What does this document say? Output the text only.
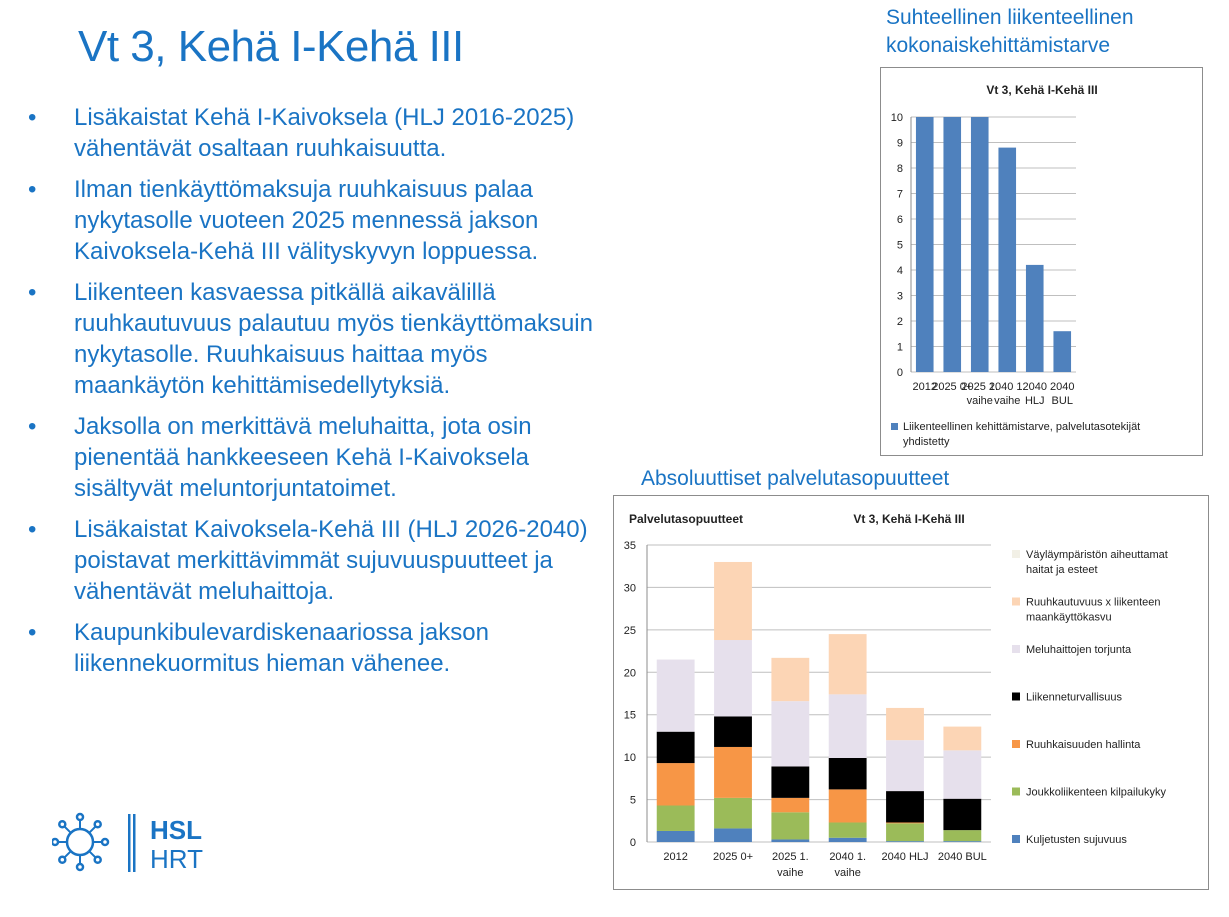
Vt 3, Kehä I-Kehä III
• Lisäkaistat Kehä I-Kaivoksela (HLJ 2016-2025) vähentävät osaltaan ruuhkaisuutta.
• Ilman tienkäyttömaksuja ruuhkaisuus palaa nykytasolle vuoteen 2025 mennessä jakson Kaivoksela-Kehä III välityskyvyn loppuessa.
• Liikenteen kasvaessa pitkällä aikavälillä ruuhkautuvuus palautuu myös tienkäyttömaksuin nykytasolle. Ruuhkaisuus haittaa myös maankäytön kehittämisedellytyksiä.
• Jaksolla on merkittävä meluhaitta, jota osin pienentää hankkeeseen Kehä I-Kaivoksela sisältyvät meluntorjuntatoimet.
• Lisäkaistat Kaivoksela-Kehä III (HLJ 2026-2040) poistavat merkittävimmät sujuvuuspuutteet ja vähentävät meluhaittoja.
• Kaupunkibulevardiskenaariossa jakson liikennekuormitus hieman vähenee.
HSL
HRT
Suhteellinen liikenteellinen kokonaiskehittämistarve
Vt 3, Kehä I-Kehä III
0
1
2
3
4
5
6
7
8
9
10
2012
2025 0+
2025 1.
vaihe
2040 1.
vaihe
2040
HLJ
2040
BUL
Liikenteellinen kehittämistarve, palvelutasotekijät
yhdistetty
Absoluuttiset palvelutasopuutteet
Palvelutasopuutteet	Vt 3, Kehä I-Kehä III
0
5
10
15
20
25
30
35
2012 2025 0+ 2025 1.
vaihe
2040 1.
vaihe
2040 HLJ 2040 BUL
Väyläympäristön aiheuttamat
haitat ja esteet
Ruuhkautuvuus x liikenteen
maankäyttökasvu
Meluhaittojen torjunta
Liikenneturvallisuus
Ruuhkaisuuden hallinta
Joukkoliikenteen kilpailukyky
Kuljetusten sujuvuus
